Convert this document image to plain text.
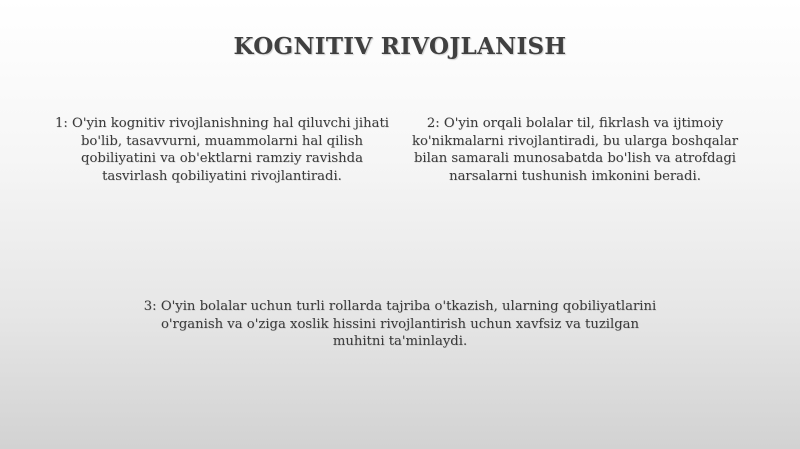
KOGNITIV RIVOJLANISH
1: O'yin kognitiv rivojlanishning hal qiluvchi jihati bo'lib, tasavvurni, muammolarni hal qilish qobiliyatini va ob'ektlarni ramziy ravishda tasvirlash qobiliyatini rivojlantiradi.
2: O'yin orqali bolalar til, fikrlash va ijtimoiy ko'nikmalarni rivojlantiradi, bu ularga boshqalar bilan samarali munosabatda bo'lish va atrofdagi narsalarni tushunish imkonini beradi.
3: O'yin bolalar uchun turli rollarda tajriba o'tkazish, ularning qobiliyatlarini o'rganish va o'ziga xoslik hissini rivojlantirish uchun xavfsiz va tuzilgan muhitni ta'minlaydi.
